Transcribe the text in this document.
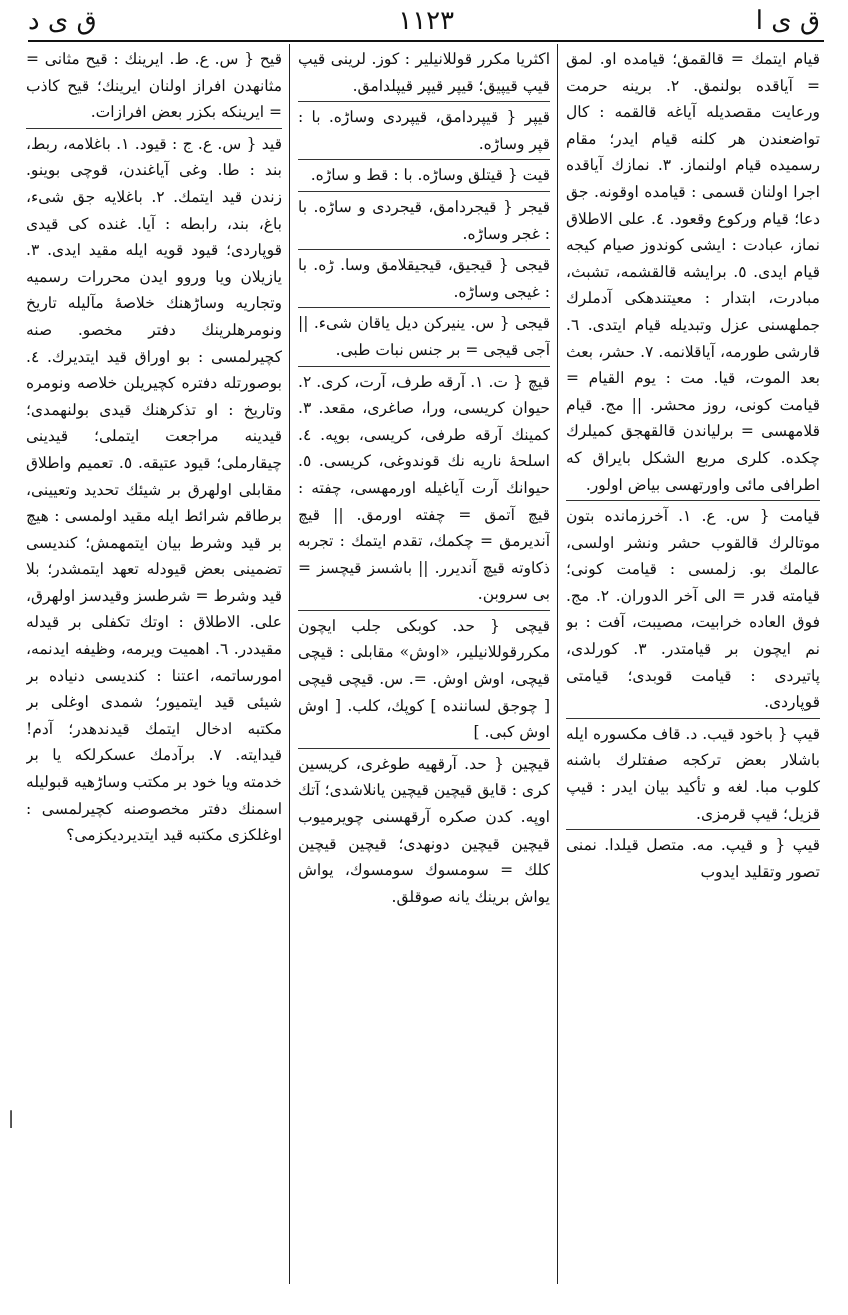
ق ى د	١١٢٣	ق ى ا

قيام ايتمك = قالقمق؛ قيامده او. لمق = آياقده بولنمق. ٢. برينه حرمت ورعايت مقصديله آياغه قالقمه : كال تواضعندن هر كلنه قيام ايدر؛ مقام رسميده قيام اولنماز. ٣. نمازك آياقده اجرا اولنان قسمى : قيامده اوقونه. جق دعا؛ قيام وركوع وقعود. ٤. على الاطلاق نماز، عبادت : ايشى كوندوز صيام كيجه قيام ايدى. ٥. برايشه قالقشمه، تشبث، مبادرت، ابتدار : معيتندهكى آدملرك جملهسنى عزل وتبديله قيام ايتدى. ٦. قارشى طورمه، آياقلانمه. ٧. حشر، بعث بعد الموت، قيا. مت : يوم القيام = قيامت كونى، روز محشر. || مج. قيام قلامهسى = برلياندن قالقهجق كميلرك چكده. كلرى مربع الشكل بايراق كه اطرافى مائى واورتهسى بياض اولور.

قيامت { س. ع. ١. آخرزمانده بتون موتالرك قالقوب حشر ونشر اولسى، عالمك بو. زلمسى : قيامت كونى؛ قيامته قدر = الى آخر الدوران. ٢. مج. فوق العاده خرابيت، مصيبت، آفت : بو نم ايچون بر قيامتدر. ٣. كورلدى، پاتيردى : قيامت قوبدى؛ قيامتى قوپاردى.

قيپ { باخود قيب. د. قاف مكسوره ايله باشلار بعض تركجه صفتلرك باشنه كلوب مبا. لغه و تأكيد بيان ايدر : قيپ قزيل؛ قيپ قرمزى.

قيپ { و قيپ. مه. متصل قيلدا. نمنى تصور وتقليد ايدوب

اكثريا مكرر قوللانيلير : كوز. لرينى قيپ قيپ قيپيق؛ قيپر قيپر قيپلدامق.

قيپر { قيپردامق، قيپردى وساڑه. با : قپر وساڑه.

قيت { قيتلق وساڑه. با : قط و ساڑه.

قيجر { قيجردامق، قيجردى و ساڑه. با : غجر وساڑه.

قيجى { قيجيق، قيجيقلامق وسا. ڑه. با : غيجى وساڑه.

قيجى { س. ينيركن ديل ياقان شىء. || آجى قيجى = بر جنس نبات طبى.

قيچ { ت. ١. آرقه طرف، آرت، كرى. ٢. حيوان كريسى، ورا، صاغرى، مقعد. ٣. كمينك آرقه طرفى، كريسى، بوپه. ٤. اسلحهٔ ناريه نك قوندوغى، كريسى. ٥. حيوانك آرت آياغيله اورمهسى، چفته : قيچ آتمق = چفته اورمق. || قيچ آنديرمق = چكمك، تقدم ايتمك : تجربه ذكاوته قيچ آنديرر. || باشسز قيچسز = بى سروبن.

قيچى { حد. كوبكى جلب ايچون مكررقوللانيلير، «اوش» مقابلى : قيچى قيچى، اوش اوش. =. س. قيچى قيچى [ چوجق لساننده ] كوپك، كلب. [ اوش اوش كبى. ]

قيچين { حد. آرقهيه طوغرى، كريسين كرى : قايق قيچين قيچين يانلاشدى؛ آتك اوپه. كدن صكره آرقهسنى چويرميوب قيچين قيچين دونهدى؛ قيچين قيچين كلك = سومسوك سومسوك، يواش يواش برينك يانه صوقلق.

قيح { س. ع. ط. ايرينك : قيح مثانى = مثانهدن افراز اولنان ايرينك؛ قيح كاذب = ايرينكه بكزر بعض افرازات.

قيد { س. ع. ج : قيود. ١. باغلامه، ربط، بند : طا. وغى آياغندن، قوچى بوينو. زندن قيد ايتمك. ٢. باغلايه جق شىء، باغ، بند، رابطه : آيا. غنده كى قيدى قوپاردى؛ قيود قويه ايله مقيد ايدى. ٣. يازيلان ويا وروو ايدن محررات رسميه وتجاريه وساڑهنك خلاصهٔ مآليله تاريخ ونومرهلرينك دفتر مخصو. صنه كچيرلمسى : بو اوراق قيد ايتديرك. ٤. بوصورتله دفتره كچيريلن خلاصه ونومره وتاريخ : او تذكرهنك قيدى بولنهمدى؛ قيدينه مراجعت ايتملى؛ قيدينى چيقارملى؛ قيود عتيقه. ٥. تعميم واطلاق مقابلى اولهرق بر شيئك تحديد وتعيينى، برطاقم شرائط ايله مقيد اولمسى : هيچ بر قيد وشرط بيان ايتمهمش؛ كنديسى تضمينى بعض قيودله تعهد ايتمشدر؛ بلا قيد وشرط = شرطسز وقيدسز اولهرق، على. الاطلاق : اوتك تكفلى بر قيدله مقيددر. ٦. اهميت ويرمه، وظيفه ايدنمه، امورساتمه، اعتنا : كنديسى دنياده بر شيئى قيد ايتميور؛ شمدى اوغلى بر مكتبه ادخال ايتمك قيدندهدر؛ آدم! قيدايته. ٧. برآدمك عسكرلكه يا بر خدمته ويا خود بر مكتب وساڑهيه قبوليله اسمنك دفتر مخصوصنه كچيرلمسى : اوغلكزى مكتبه قيد ايتديرديكزمى؟

|
